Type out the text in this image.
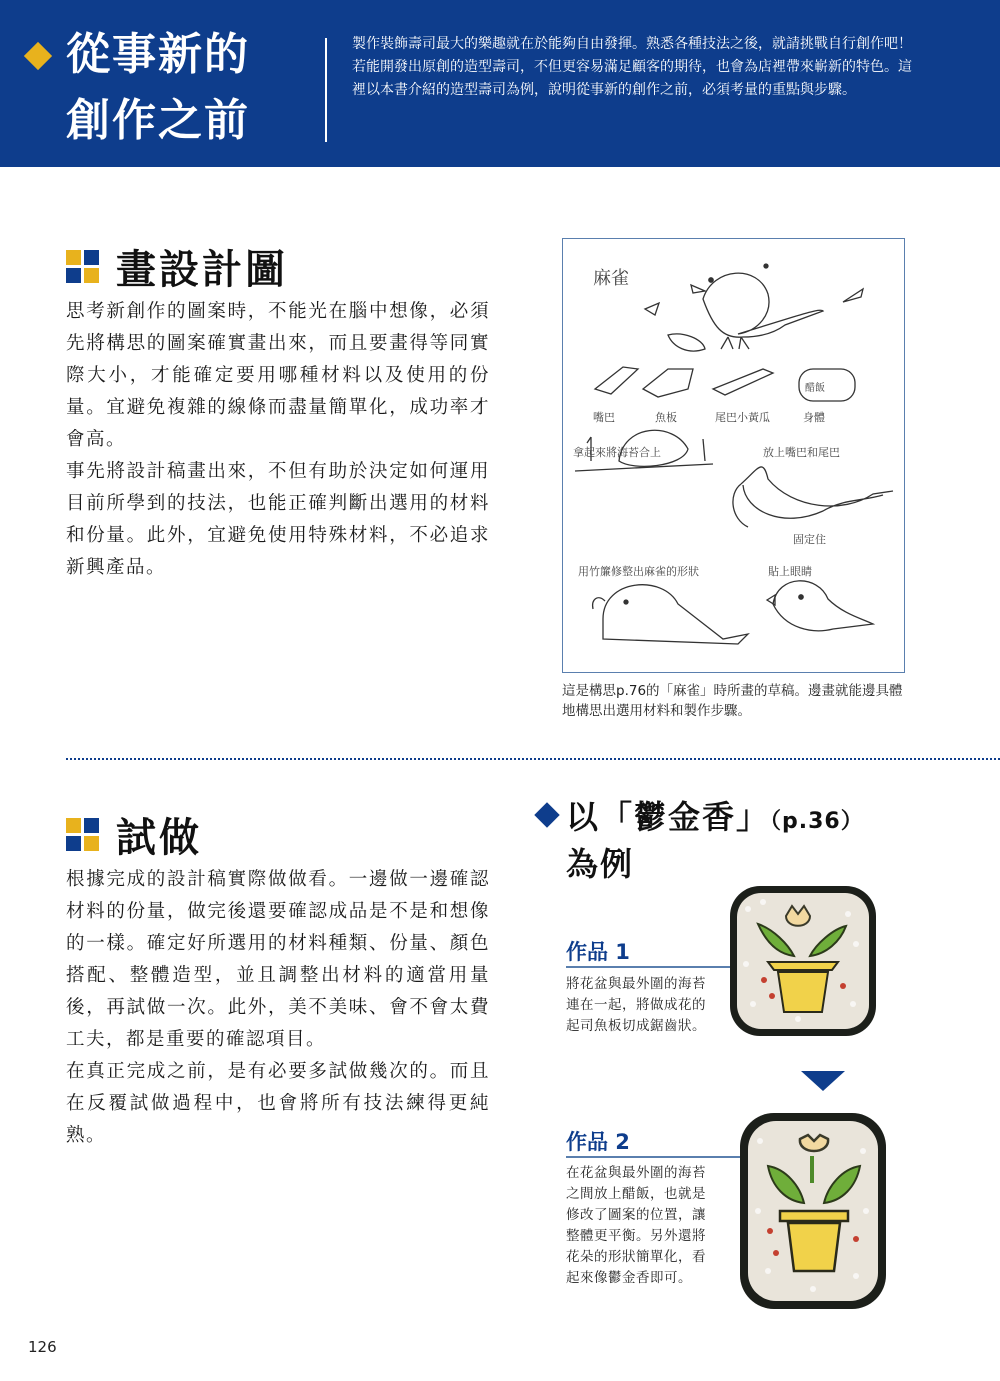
從事新的
創作之前
製作裝飾壽司最大的樂趣就在於能夠自由發揮。熟悉各種技法之後，就請挑戰自行創作吧！若能開發出原創的造型壽司，不但更容易滿足顧客的期待，也會為店裡帶來嶄新的特色。這裡以本書介紹的造型壽司為例，說明從事新的創作之前，必須考量的重點與步驟。
畫設計圖

思考新創作的圖案時，不能光在腦中想像，必須先將構思的圖案確實畫出來，而且要畫得等同實際大小，才能確定要用哪種材料以及使用的份量。宜避免複雜的線條而盡量簡單化，成功率才會高。

事先將設計稿畫出來，不但有助於決定如何運用目前所學到的技法，也能正確判斷出選用的材料和份量。此外，宜避免使用特殊材料，不必追求新興產品。

麻雀
嘴巴	魚板	尾巴小黃瓜	身體
醋飯
拿起來將海苔合上	放上嘴巴和尾巴
固定住
用竹簾修整出麻雀的形狀	貼上眼睛
這是構思p.76的「麻雀」時所畫的草稿。邊畫就能邊具體地構思出選用材料和製作步驟。
試做

根據完成的設計稿實際做做看。一邊做一邊確認材料的份量，做完後還要確認成品是不是和想像的一樣。確定好所選用的材料種類、份量、顏色搭配、整體造型，並且調整出材料的適當用量後，再試做一次。此外，美不美味、會不會太費工夫，都是重要的確認項目。

在真正完成之前，是有必要多試做幾次的。而且在反覆試做過程中，也會將所有技法練得更純熟。

以「鬱金香」（p.36）
為例
作品 1
將花盆與最外圍的海苔連在一起，將做成花的起司魚板切成鋸齒狀。
作品 2
在花盆與最外圍的海苔之間放上醋飯，也就是修改了圖案的位置，讓整體更平衡。另外還將花朵的形狀簡單化，看起來像鬱金香即可。
126
